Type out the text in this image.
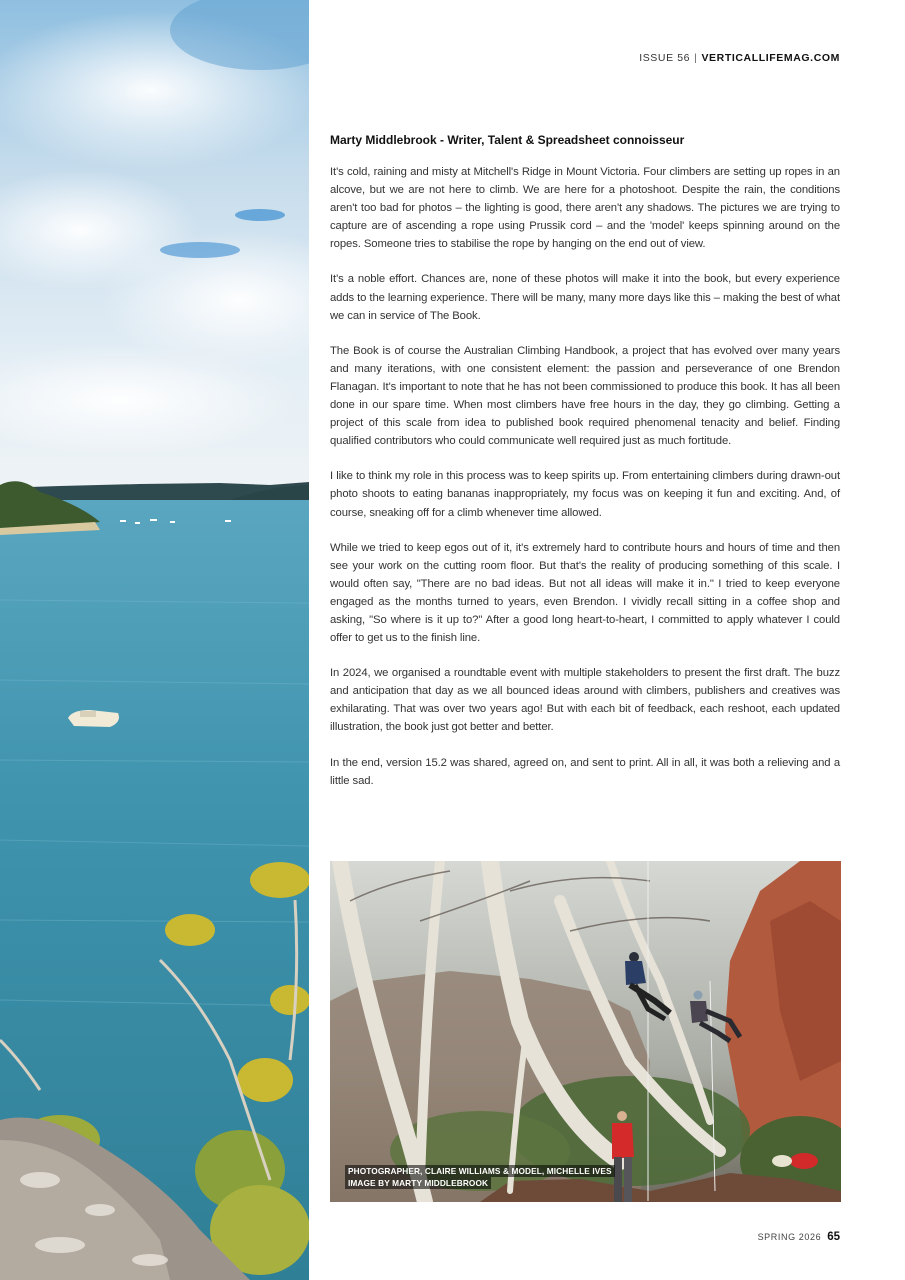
ISSUE 56 | VERTICALLIFEMAG.COM
Marty Middlebrook - Writer, Talent & Spreadsheet connoisseur

It's cold, raining and misty at Mitchell's Ridge in Mount Victoria. Four climbers are setting up ropes in an alcove, but we are not here to climb. We are here for a photoshoot. Despite the rain, the conditions aren't too bad for photos – the lighting is good, there aren't any shadows. The pictures we are trying to capture are of ascending a rope using Prussik cord – and the 'model' keeps spinning around on the ropes. Someone tries to stabilise the rope by hanging on the end out of view.

It's a noble effort. Chances are, none of these photos will make it into the book, but every experience adds to the learning experience. There will be many, many more days like this – making the best of what we can in service of The Book.

The Book is of course the Australian Climbing Handbook, a project that has evolved over many years and many iterations, with one consistent element: the passion and perseverance of one Brendon Flanagan. It's important to note that he has not been commissioned to produce this book. It has all been done in our spare time. When most climbers have free hours in the day, they go climbing. Getting a project of this scale from idea to published book required phenomenal tenacity and belief. Finding qualified contributors who could communicate well required just as much fortitude.

I like to think my role in this process was to keep spirits up. From entertaining climbers during drawn-out photo shoots to eating bananas inappropriately, my focus was on keeping it fun and exciting. And, of course, sneaking off for a climb whenever time allowed.

While we tried to keep egos out of it, it's extremely hard to contribute hours and hours of time and then see your work on the cutting room floor. But that's the reality of producing something of this scale. I would often say, "There are no bad ideas. But not all ideas will make it in." I tried to keep everyone engaged as the months turned to years, even Brendon. I vividly recall sitting in a coffee shop and asking, "So where is it up to?" After a good long heart-to-heart, I committed to apply whatever I could offer to get us to the finish line.

In 2024, we organised a roundtable event with multiple stakeholders to present the first draft. The buzz and anticipation that day as we all bounced ideas around with climbers, publishers and creatives was exhilarating. That was over two years ago! But with each bit of feedback, each reshoot, each updated illustration, the book just got better and better.

In the end, version 15.2 was shared, agreed on, and sent to print. All in all, it was both a relieving and a little sad.

PHOTOGRAPHER, CLAIRE WILLIAMS & MODEL, MICHELLE IVES
IMAGE BY MARTY MIDDLEBROOK
SPRING 2026 65
